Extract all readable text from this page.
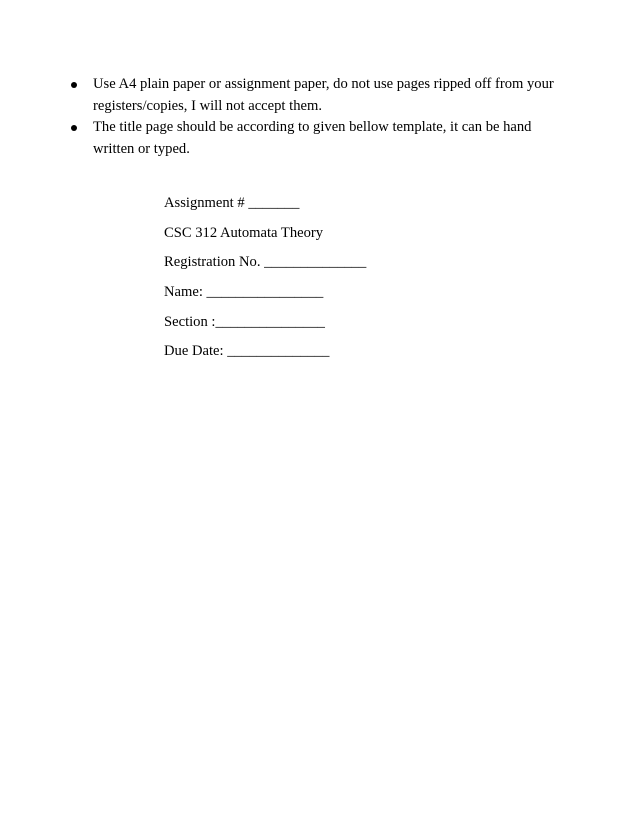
Use A4 plain paper or assignment paper, do not use pages ripped off from your registers/copies, I will not accept them.
The title page should be according to given bellow template, it can be hand written or typed.
Assignment # _______
CSC 312 Automata Theory
Registration No. ______________
Name: ________________
Section :_______________
Due Date: ______________
